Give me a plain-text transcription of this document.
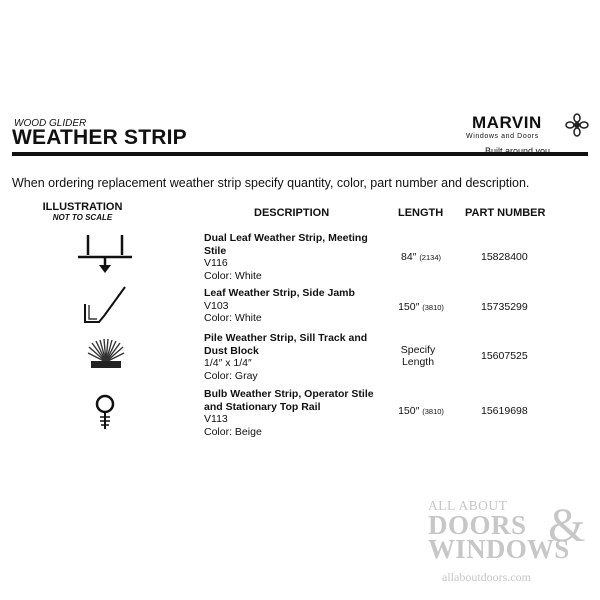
WOOD GLIDER
WEATHER STRIP
MARVIN
Windows and Doors
Built around you.
When ordering replacement weather strip specify quantity, color, part number and description.
ILLUSTRATION
NOT TO SCALE	DESCRIPTION	LENGTH PART NUMBER
Dual Leaf Weather Strip, Meeting Stile
V116
Color: White
84″ (2134)	15828400
Leaf Weather Strip, Side Jamb
V103
Color: White
150″ (3810)	15735299
Pile Weather Strip, Sill Track and Dust Block
1/4″ x 1/4″
Color: Gray
Specify Length	15607525
Bulb Weather Strip, Operator Stile and Stationary Top Rail
V113
Color: Beige
150″ (3810)	15619698
ALL ABOUT
DOORS &
WINDOWS
allaboutdoors.com
